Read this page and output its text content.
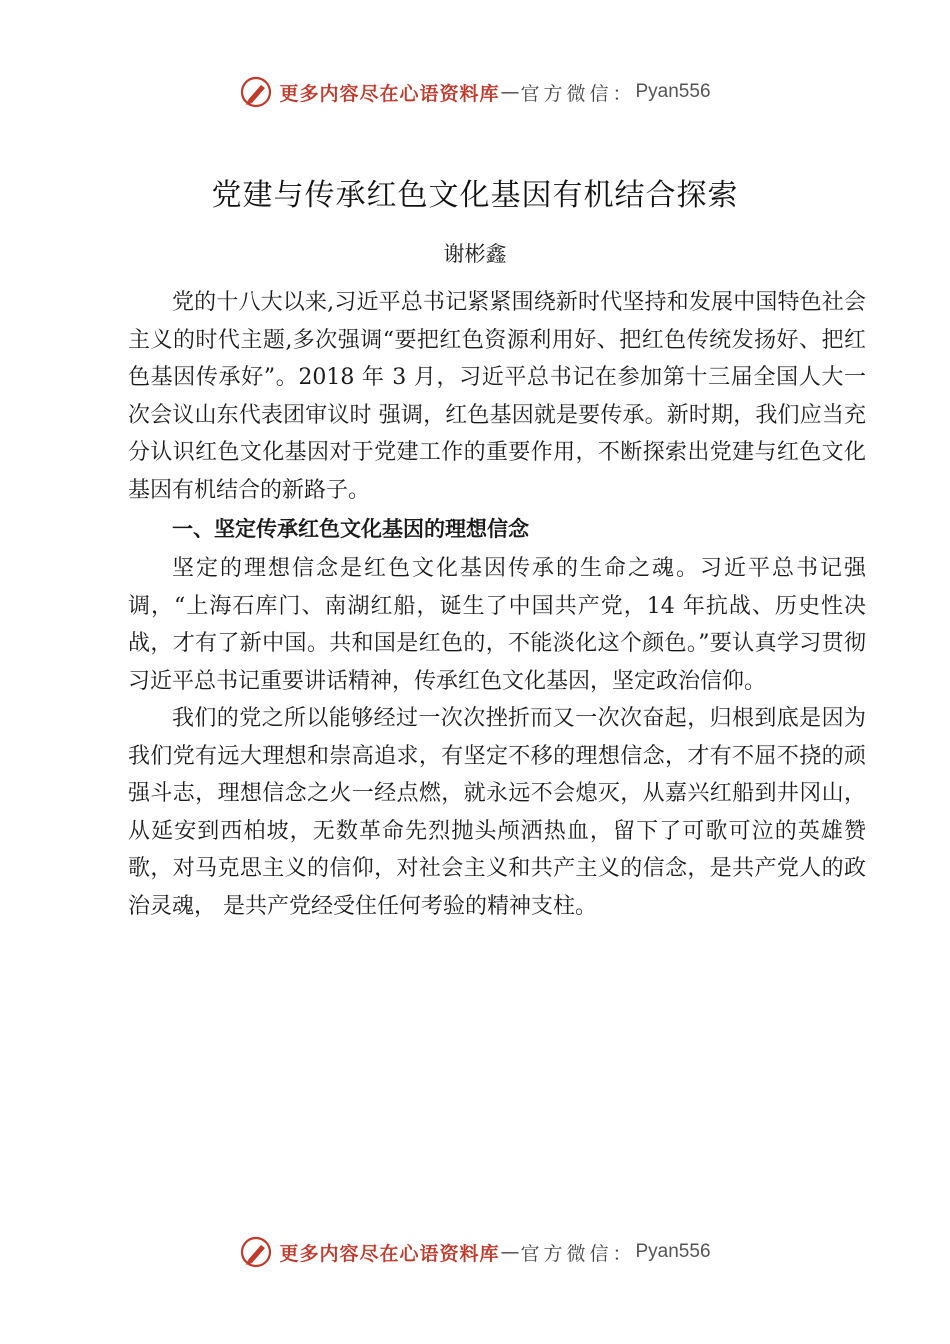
更多内容尽在心语资料库 — 官方微信： Pyan556
党建与传承红色文化基因有机结合探索
谢彬鑫

党的十八大以来,习近平总书记紧紧围绕新时代坚持和发展中国特色社会主义的时代主题,多次强调“要把红色资源利用好、把红色传统发扬好、把红色基因传承好”。2018 年 3 月，习近平总书记在参加第十三届全国人大一次会议山东代表团审议时 强调，红色基因就是要传承。新时期，我们应当充分认识红色文化基因对于党建工作的重要作用，不断探索出党建与红色文化基因有机结合的新路子。

一、坚定传承红色文化基因的理想信念

坚定的理想信念是红色文化基因传承的生命之魂。习近平总书记强调，“上海石库门、南湖红船，诞生了中国共产党，14 年抗战、历史性决战，才有了新中国。共和国是红色的，不能淡化这个颜色。”要认真学习贯彻习近平总书记重要讲话精神，传承红色文化基因，坚定政治信仰。

我们的党之所以能够经过一次次挫折而又一次次奋起，归根到底是因为我们党有远大理想和崇高追求，有坚定不移的理想信念，才有不屈不挠的顽强斗志，理想信念之火一经点燃，就永远不会熄灭，从嘉兴红船到井冈山，从延安到西柏坡，无数革命先烈抛头颅洒热血，留下了可歌可泣的英雄赞歌，对马克思主义的信仰，对社会主义和共产主义的信念，是共产党人的政治灵魂， 是共产党经受住任何考验的精神支柱。

更多内容尽在心语资料库 — 官方微信： Pyan556
